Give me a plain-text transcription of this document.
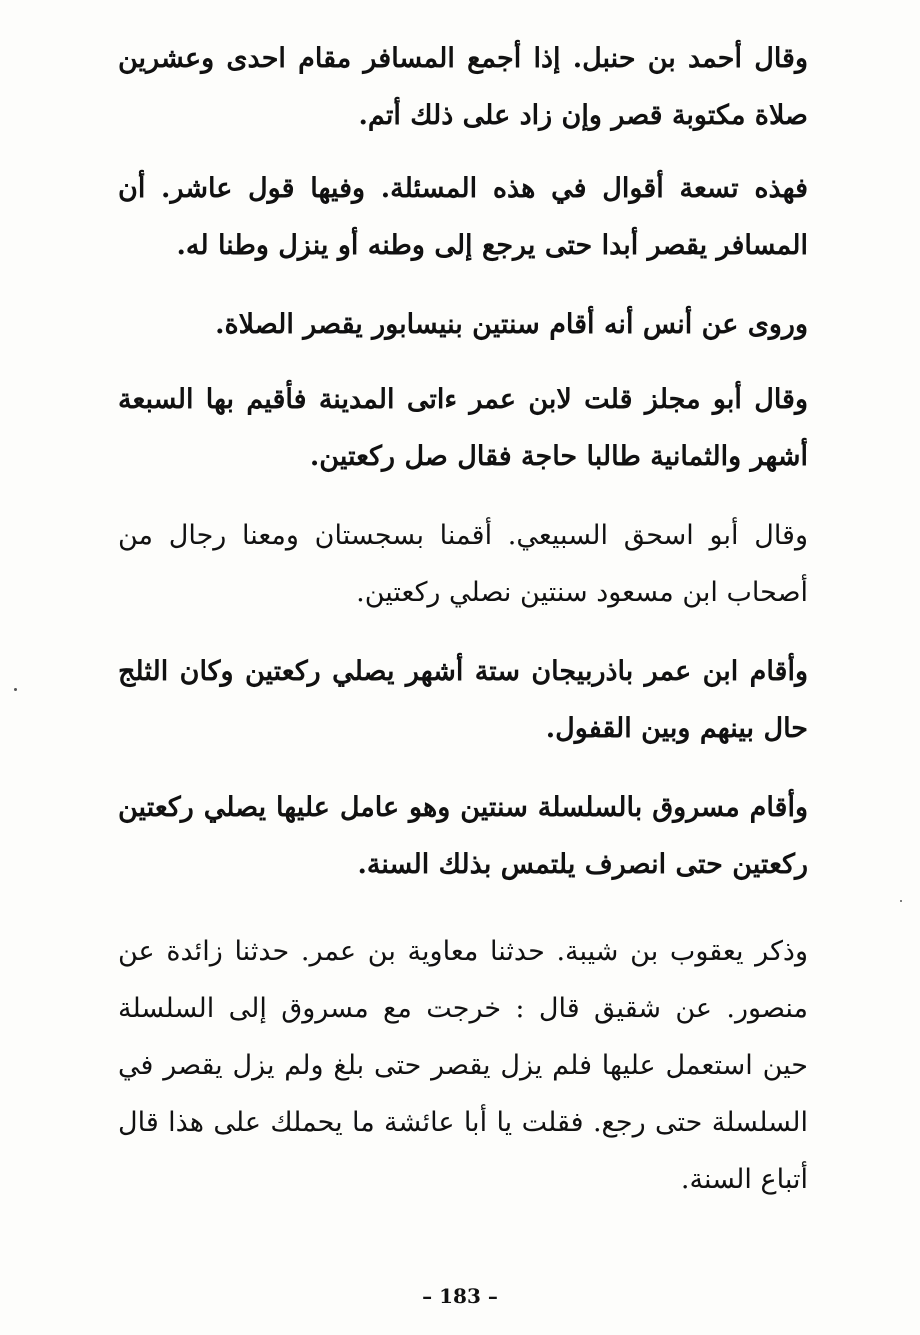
وقال أحمد بن حنبل. إذا أجمع المسافر مقام احدى وعشرين صلاة مكتوبة قصر وإن زاد على ذلك أتم.

فهذه تسعة أقوال في هذه المسئلة. وفيها قول عاشر. أن المسافر يقصر أبدا حتى يرجع إلى وطنه أو ينزل وطنا له.

وروى عن أنس أنه أقام سنتين بنيسابور يقصر الصلاة.

وقال أبو مجلز قلت لابن عمر ءاتى المدينة فأقيم بها السبعة أشهر والثمانية طالبا حاجة فقال صل ركعتين.

وقال أبو اسحق السبيعي. أقمنا بسجستان ومعنا رجال من أصحاب ابن مسعود سنتين نصلي ركعتين.

وأقام ابن عمر باذربيجان ستة أشهر يصلي ركعتين وكان الثلج حال بينهم وبين القفول.

وأقام مسروق بالسلسلة سنتين وهو عامل عليها يصلي ركعتين ركعتين حتى انصرف يلتمس بذلك السنة.

وذكر يعقوب بن شيبة. حدثنا معاوية بن عمر. حدثنا زائدة عن منصور. عن شقيق قال : خرجت مع مسروق إلى السلسلة حين استعمل عليها فلم يزل يقصر حتى بلغ ولم يزل يقصر في السلسلة حتى رجع. فقلت يا أبا عائشة ما يحملك على هذا قال أتباع السنة.

– 183 –
